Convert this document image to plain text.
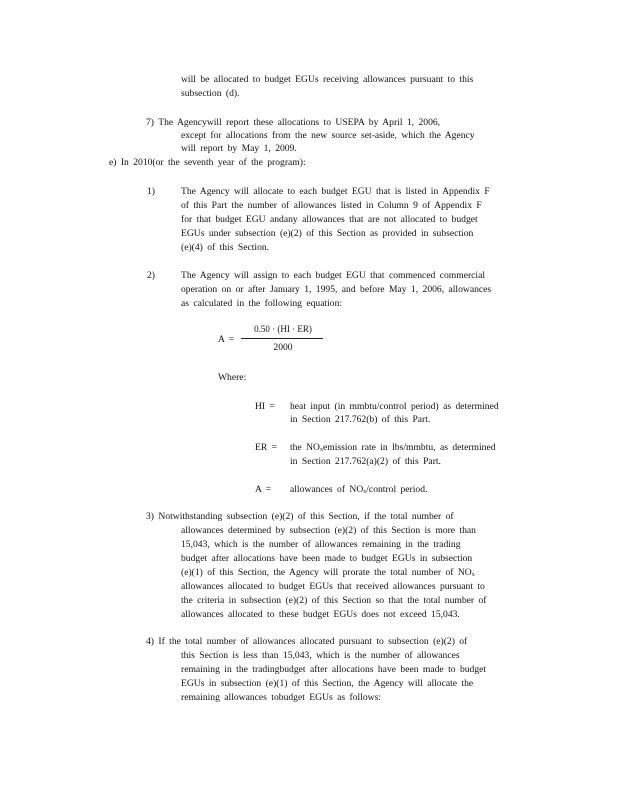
will be allocated to budget EGUs receiving allowances pursuant to this
subsection (d).
7) The Agencywill report these allocations to USEPA by April 1, 2006,
except for allocations from the new source set-aside, which the Agency
will report by May 1, 2009.
e) In 2010(or the seventh year of the program):
1)	The Agency will allocate to each budget EGU that is listed in Appendix F
of this Part the number of allowances listed in Column 9 of Appendix F
for that budget EGU andany allowances that are not allocated to budget
EGUs under subsection (e)(2) of this Section as provided in subsection
(e)(4) of this Section.
2)	The Agency will assign to each budget EGU that commenced commercial
operation on or after January 1, 1995, and before May 1, 2006, allowances
as calculated in the following equation:
A =
0.50 · (HI · ER)
2000
Where:
HI = heat input (in mmbtu/control period) as determined
in Section 217.762(b) of this Part.
ER = the $NO_xemission$ rate in lbs/mmbtu, as determined
in Section 217.762(a)(2) of this Part.
A = allowances of $NO_x$/control period.
3) Notwithstanding subsection (e)(2) of this Section, if the total number of
allowances determined by subsection (e)(2) of this Section is more than
15,043, which is the number of allowances remaining in the trading
budget after allocations have been made to budget EGUs in subsection
(e)(1) of this Section, the Agency will prorate the total number of $NO_x$
allowances allocated to budget EGUs that received allowances pursuant to
the criteria in subsection (e)(2) of this Section so that the total number of
allowances allocated to these budget EGUs does not exceed 15,043.
4) If the total number of allowances allocated pursuant to subsection (e)(2) of
this Section is less than 15,043, which is the number of allowances
remaining in the tradingbudget after allocations have been made to budget
EGUs in subsection (e)(1) of this Section, the Agency will allocate the
remaining allowances tobudget EGUs as follows:
